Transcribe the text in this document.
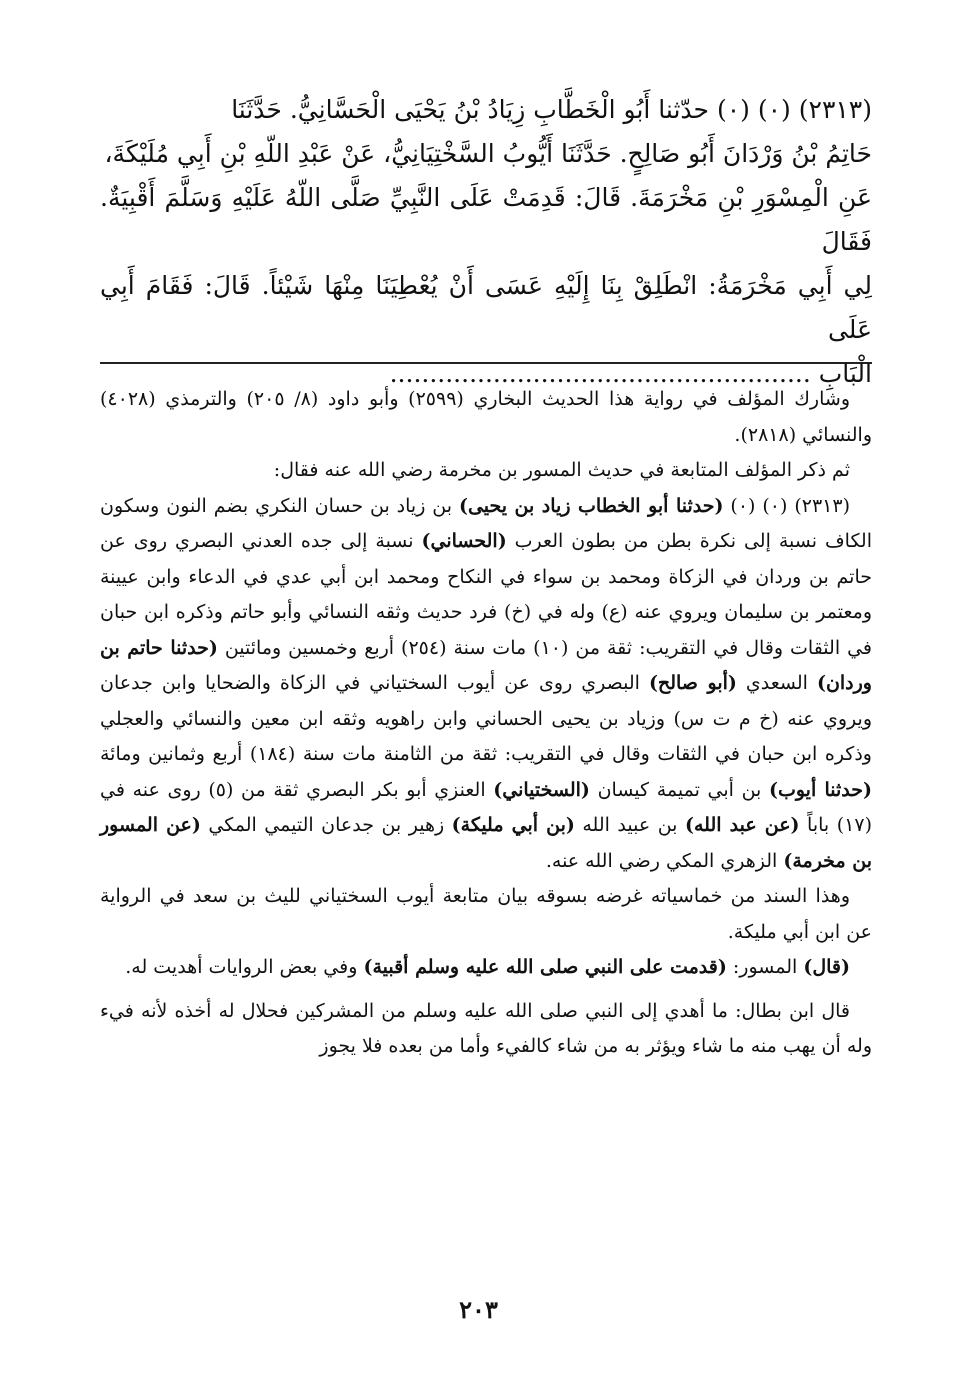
(٢٣١٣) (٠) (٠) حدّثنا أَبُو الْخَطَّابِ زِيَادُ بْنُ يَحْيَى الْحَسَّانِيُّ. حَدَّثَنَا
حَاتِمُ بْنُ وَرْدَانَ أَبُو صَالِحٍ. حَدَّثَنَا أَيُّوبُ السَّخْتِيَانِيُّ، عَنْ عَبْدِ اللّهِ بْنِ أَبِي مُلَيْكَةَ،
عَنِ الْمِسْوَرِ بْنِ مَخْرَمَةَ. قَالَ: قَدِمَتْ عَلَى النَّبِيِّ صَلَّى اللّهُ عَلَيْهِ وَسَلَّمَ أَقْبِيَةٌ. فَقَالَ
لِي أَبِي مَخْرَمَةُ: انْطَلِقْ بِنَا إِلَيْهِ عَسَى أَنْ يُعْطِيَنَا مِنْهَا شَيْئاً. قَالَ: فَقَامَ أَبِي عَلَى
الْبَابِ .....................................................

وشارك المؤلف في رواية هذا الحديث البخاري (٢٥٩٩) وأبو داود (٨/ ٢٠٥) والترمذي (٤٠٢٨) والنسائي (٢٨١٨).

ثم ذكر المؤلف المتابعة في حديث المسور بن مخرمة رضي الله عنه فقال:

(٢٣١٣) (٠) (٠) (حدثنا أبو الخطاب زياد بن يحيى) بن زياد بن حسان النكري بضم النون وسكون الكاف نسبة إلى نكرة بطن من بطون العرب (الحساني) نسبة إلى جده العدني البصري روى عن حاتم بن وردان في الزكاة ومحمد بن سواء في النكاح ومحمد ابن أبي عدي في الدعاء وابن عيينة ومعتمر بن سليمان ويروي عنه (ع) وله في (خ) فرد حديث وثقه النسائي وأبو حاتم وذكره ابن حبان في الثقات وقال في التقريب: ثقة من (١٠) مات سنة (٢٥٤) أربع وخمسين ومائتين (حدثنا حاتم بن وردان) السعدي (أبو صالح) البصري روى عن أيوب السختياني في الزكاة والضحايا وابن جدعان ويروي عنه (خ م ت س) وزياد بن يحيى الحساني وابن راهويه وثقه ابن معين والنسائي والعجلي وذكره ابن حبان في الثقات وقال في التقريب: ثقة من الثامنة مات سنة (١٨٤) أربع وثمانين ومائة (حدثنا أيوب) بن أبي تميمة كيسان (السختياني) العنزي أبو بكر البصري ثقة من (٥) روى عنه في (١٧) باباً (عن عبد الله) بن عبيد الله (بن أبي مليكة) زهير بن جدعان التيمي المكي (عن المسور بن مخرمة) الزهري المكي رضي الله عنه.

وهذا السند من خماسياته غرضه بسوقه بيان متابعة أيوب السختياني لليث بن سعد في الرواية عن ابن أبي مليكة.

(قال) المسور: (قدمت على النبي صلى الله عليه وسلم أقبية) وفي بعض الروايات أهديت له.

قال ابن بطال: ما أهدي إلى النبي صلى الله عليه وسلم من المشركين فحلال له أخذه لأنه فيء وله أن يهب منه ما شاء ويؤثر به من شاء كالفيء وأما من بعده فلا يجوز

٢٠٣
